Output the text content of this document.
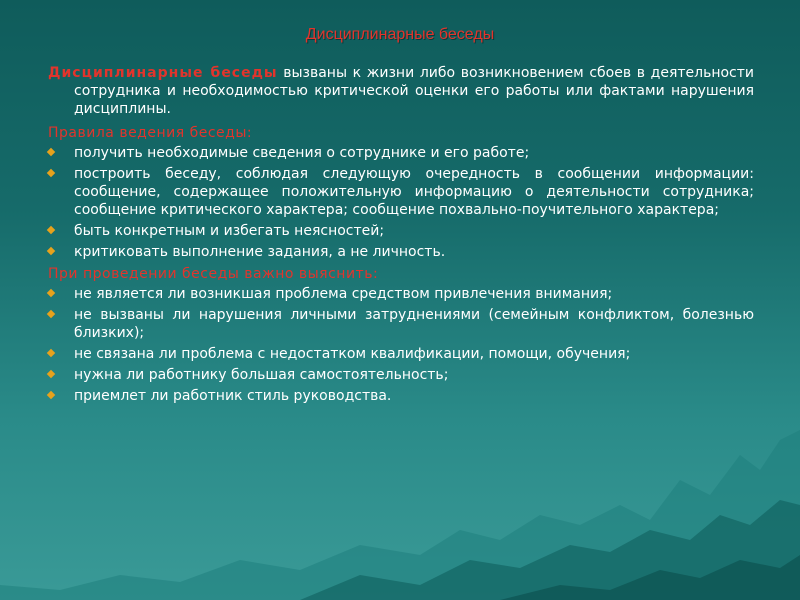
Дисциплинарные беседы

Дисциплинарные беседы вызваны к жизни либо возникновением сбоев в деятельности сотрудника и необходимостью критической оценки его работы или фактами нарушения дисциплины.

Правила ведения беседы:
получить необходимые сведения о сотруднике и его работе;
построить беседу, соблюдая следующую очередность в сообщении информации: сообщение, содержащее положительную информацию о деятельности сотрудника; сообщение критического характера; сообщение похвально-поучительного характера;
быть конкретным и избегать неясностей;
критиковать выполнение задания, а не личность.
При проведении беседы важно выяснить:
не является ли возникшая проблема средством привлечения внимания;
не вызваны ли нарушения личными затруднениями (семейным конфликтом, болезнью близких);
не связана ли проблема с недостатком квалификации, помощи, обучения;
нужна ли работнику большая самостоятельность;
приемлет ли работник стиль руководства.
